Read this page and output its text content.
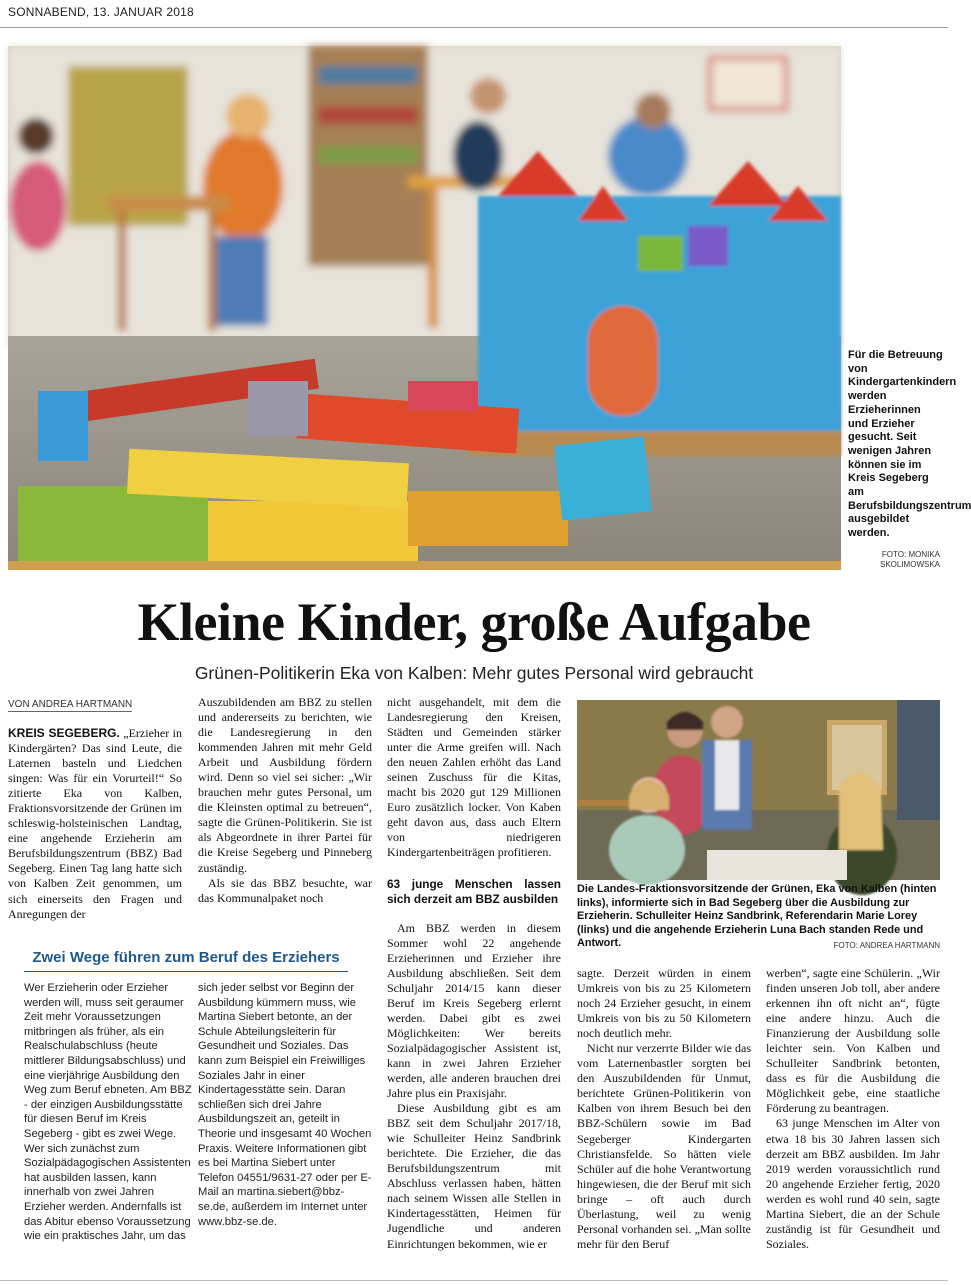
SONNABEND, 13. JANUAR 2018
Für die Betreuung von Kindergartenkindern werden Erzieherinnen und Erzieher gesucht. Seit wenigen Jahren können sie im Kreis Segeberg am Berufsbildungszentrum ausgebildet werden.
FOTO: MONIKA SKOLIMOWSKA
Kleine Kinder, große Aufgabe
Grünen-Politikerin Eka von Kalben: Mehr gutes Personal wird gebraucht
VON ANDREA HARTMANN

KREIS SEGEBERG. „Erzieher in Kindergärten? Das sind Leute, die Laternen basteln und Liedchen singen: Was für ein Vorurteil!“ So zitierte Eka von Kalben, Fraktionsvorsitzende der Grünen im schleswig-holsteinischen Landtag, eine angehende Erzieherin am Berufsbildungszentrum (BBZ) Bad Segeberg. Einen Tag lang hatte sich von Kalben Zeit genommen, um sich einerseits den Fragen und Anregungen der

Auszubildenden am BBZ zu stellen und andererseits zu berichten, wie die Landesregierung in den kommenden Jahren mit mehr Geld Arbeit und Ausbildung fördern wird. Denn so viel sei sicher: „Wir brauchen mehr gutes Personal, um die Kleinsten optimal zu betreuen“, sagte die Grünen-Politikerin. Sie ist als Abgeordnete in ihrer Partei für die Kreise Segeberg und Pinneberg zuständig.

Als sie das BBZ besuchte, war das Kommunalpaket noch

nicht ausgehandelt, mit dem die Landesregierung den Kreisen, Städten und Gemeinden stärker unter die Arme greifen will. Nach den neuen Zahlen erhöht das Land seinen Zuschuss für die Kitas, macht bis 2020 gut 129 Millionen Euro zusätzlich locker. Von Kaben geht davon aus, dass auch Eltern von niedrigeren Kindergartenbeiträgen profitieren.

63 junge Menschen lassen sich derzeit am BBZ ausbilden

Am BBZ werden in diesem Sommer wohl 22 angehende Erzieherinnen und Erzieher ihre Ausbildung abschließen. Seit dem Schuljahr 2014/15 kann dieser Beruf im Kreis Segeberg erlernt werden. Dabei gibt es zwei Möglichkeiten: Wer bereits Sozialpädagogischer Assistent ist, kann in zwei Jahren Erzieher werden, alle anderen brauchen drei Jahre plus ein Praxisjahr.

Diese Ausbildung gibt es am BBZ seit dem Schuljahr 2017/18, wie Schulleiter Heinz Sandbrink berichtete. Die Erzieher, die das Berufsbildungszentrum mit Abschluss verlassen haben, hätten nach seinem Wissen alle Stellen in Kindertagesstätten, Heimen für Jugendliche und anderen Einrichtungen bekommen, wie er

Die Landes-Fraktionsvorsitzende der Grünen, Eka von Kalben (hinten links), informierte sich in Bad Segeberg über die Ausbildung zur Erzieherin. Schulleiter Heinz Sandbrink, Referendarin Marie Lorey (links) und die angehende Erzieherin Luna Bach standen Rede und Antwort.	FOTO: ANDREA HARTMANN

sagte. Derzeit würden in einem Umkreis von bis zu 25 Kilometern noch 24 Erzieher gesucht, in einem Umkreis von bis zu 50 Kilometern noch deutlich mehr.

Nicht nur verzerrte Bilder wie das vom Laternenbastler sorgten bei den Auszubildenden für Unmut, berichtete Grünen-Politikerin von Kalben von ihrem Besuch bei den BBZ-Schülern sowie im Bad Segeberger Kindergarten Christiansfelde. So hätten viele Schüler auf die hohe Verantwortung hingewiesen, die der Beruf mit sich bringe – oft auch durch Überlastung, weil zu wenig Personal vorhanden sei. „Man sollte mehr für den Beruf

werben“, sagte eine Schülerin. „Wir finden unseren Job toll, aber andere erkennen ihn oft nicht an“, fügte eine andere hinzu. Auch die Finanzierung der Ausbildung solle leichter sein. Von Kalben und Schulleiter Sandbrink betonten, dass es für die Ausbildung die Möglichkeit gebe, eine staatliche Förderung zu beantragen.

63 junge Menschen im Alter von etwa 18 bis 30 Jahren lassen sich derzeit am BBZ ausbilden. Im Jahr 2019 werden voraussichtlich rund 20 angehende Erzieher fertig, 2020 werden es wohl rund 40 sein, sagte Martina Siebert, die an der Schule zuständig ist für Gesundheit und Soziales.

Zwei Wege führen zum Beruf des Erziehers

Wer Erzieherin oder Erzieher werden will, muss seit geraumer Zeit mehr Voraussetzungen mitbringen als früher, als ein Realschulabschluss (heute mittlerer Bildungsabschluss) und eine vierjährige Ausbildung den Weg zum Beruf ebneten. Am BBZ - der einzigen Ausbildungsstätte für diesen Beruf im Kreis Segeberg - gibt es zwei Wege. Wer sich zunächst zum Sozialpädagogischen Assistenten hat ausbilden lassen, kann innerhalb von zwei Jahren Erzieher werden. Andernfalls ist das Abitur ebenso Voraussetzung wie ein praktisches Jahr, um das

sich jeder selbst vor Beginn der Ausbildung kümmern muss, wie Martina Siebert betonte, an der Schule Abteilungsleiterin für Gesundheit und Soziales. Das kann zum Beispiel ein Freiwilliges Soziales Jahr in einer Kindertagesstätte sein. Daran schließen sich drei Jahre Ausbildungszeit an, geteilt in Theorie und insgesamt 40 Wochen Praxis. Weitere Informationen gibt es bei Martina Siebert unter Telefon 04551/9631-27 oder per E-Mail an martina.siebert@bbz-se.de, außerdem im Internet unter www.bbz-se.de.
